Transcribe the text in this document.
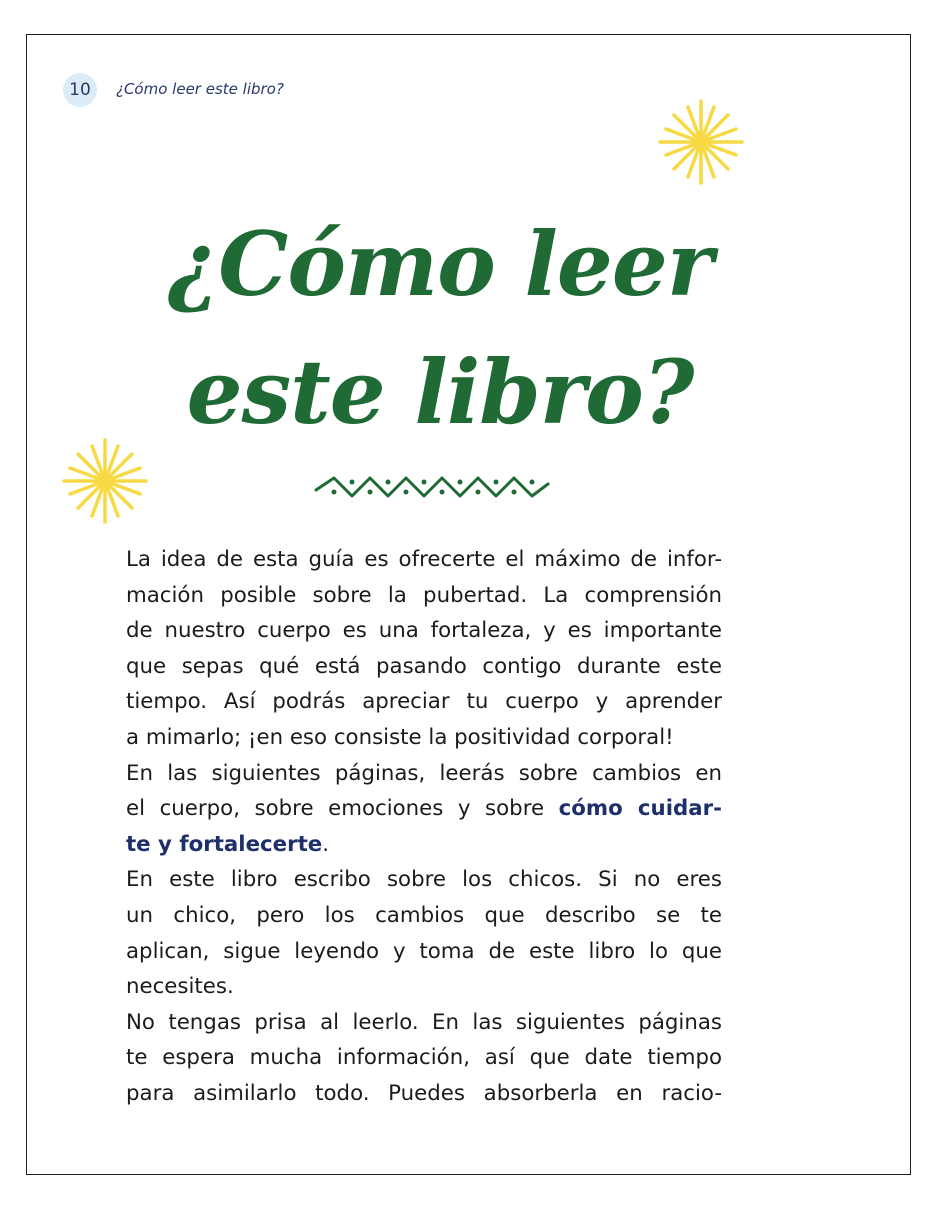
10 ¿Cómo leer este libro?
¿Cómo leer
este libro?
La idea de esta guía es ofrecerte el máximo de infor-
mación posible sobre la pubertad. La comprensión
de nuestro cuerpo es una fortaleza, y es importante
que sepas qué está pasando contigo durante este
tiempo. Así podrás apreciar tu cuerpo y aprender
a mimarlo; ¡en eso consiste la positividad corporal!
En las siguientes páginas, leerás sobre cambios en
el cuerpo, sobre emociones y sobre cómo cuidar-
te y fortalecerte.
En este libro escribo sobre los chicos. Si no eres
un chico, pero los cambios que describo se te
aplican, sigue leyendo y toma de este libro lo que
necesites.
No tengas prisa al leerlo. En las siguientes páginas
te espera mucha información, así que date tiempo
para asimilarlo todo. Puedes absorberla en racio-
